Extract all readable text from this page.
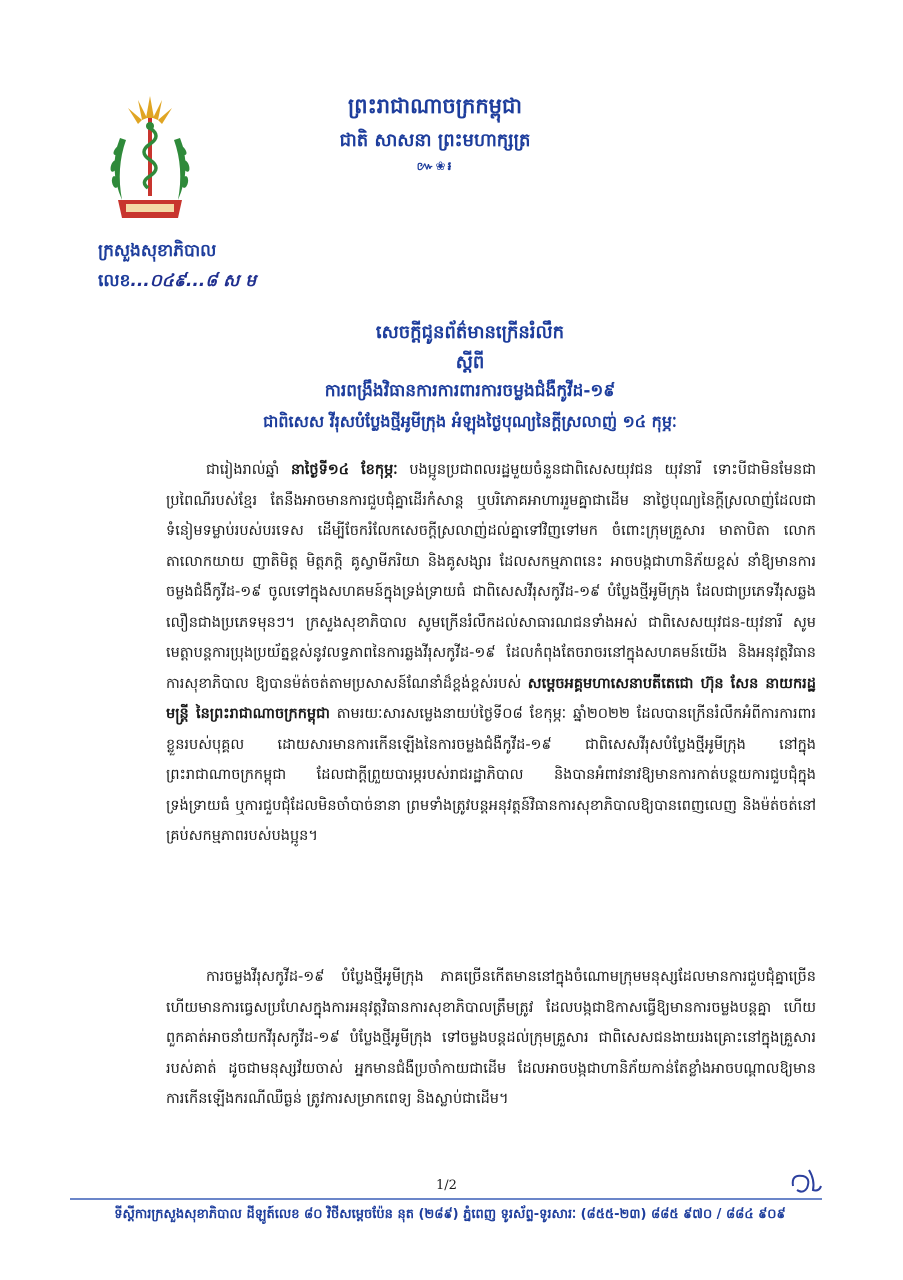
ក្រសួងសុខាភិបាល
លេខ...០៤៩...៨ ស ម
ព្រះរាជាណាចក្រកម្ពុជា
ជាតិ សាសនា ព្រះមហាក្សត្រ
៚❀៛
សេចក្តីជូនព័ត៌មានក្រើនរំលឹក
ស្តីពី
ការពង្រឹងវិធានការការពារការចម្លងជំងឺកូវីដ-១៩
ជាពិសេស វីរុសបំប្លែងថ្មីអូមីក្រុង អំឡុងថ្ងៃបុណ្យនៃក្តីស្រលាញ់ ១៤ កុម្ភៈ
ជារៀងរាល់ឆ្នាំ នាថ្ងៃទី១៤ ខែកុម្ភៈ បងប្អូនប្រជាពលរដ្ឋមួយចំនួនជាពិសេសយុវជន យុវនារី ទោះបីជាមិនមែនជាប្រពៃណីរបស់ខ្មែរ តែនឹងអាចមានការជួបជុំគ្នាដើរកំសាន្ត ឬបរិភោគអាហាររួមគ្នាជាដើម នាថ្ងៃបុណ្យនៃក្តីស្រលាញ់ដែលជាទំនៀមទម្លាប់របស់បរទេស ដើម្បីចែករំលែកសេចក្តីស្រលាញ់ដល់គ្នាទៅវិញទៅមក ចំពោះក្រុមគ្រួសារ មាតាបិតា លោកតាលោកយាយ ញាតិមិត្ត មិត្តភក្តិ គូស្វាមីភរិយា និងគូសង្សារ ដែលសកម្មភាពនេះ អាចបង្កជាហានិភ័យខ្ពស់ នាំឱ្យមានការចម្លងជំងឺកូវីដ-១៩ ចូលទៅក្នុងសហគមន៍ក្នុងទ្រង់ទ្រាយធំ ជាពិសេសវីរុសកូវីដ-១៩ បំប្លែងថ្មីអូមីក្រុង ដែលជាប្រភេទវីរុសឆ្លងលឿនជាងប្រភេទមុនៗ។ ក្រសួងសុខាភិបាល សូមក្រើនរំលឹកដល់សាធារណជនទាំងអស់ ជាពិសេសយុវជន-យុវនារី សូមមេត្តាបន្តការប្រុងប្រយ័ត្នខ្ពស់នូវលទ្ធភាពនៃការឆ្លងវីរុសកូវីដ-១៩ ដែលកំពុងតែចរាចរនៅក្នុងសហគមន៍យើង និងអនុវត្តវិធានការសុខាភិបាល ឱ្យបានម៉ត់ចត់តាមប្រសាសន៍ណែនាំដ៏ខ្ពង់ខ្ពស់របស់ សម្តេចអគ្គមហាសេនាបតីតេជោ ហ៊ុន សែន នាយករដ្ឋមន្ត្រី នៃព្រះរាជាណាចក្រកម្ពុជា តាមរយៈសារសម្លេងនាយប់ថ្ងៃទី០៨ ខែកុម្ភៈ ឆ្នាំ២០២២ ដែលបានក្រើនរំលឹកអំពីការការពារខ្លួនរបស់បុគ្គល ដោយសារមានការកើនឡើងនៃការចម្លងជំងឺកូវីដ-១៩ ជាពិសេសវីរុសបំប្លែងថ្មីអូមីក្រុង នៅក្នុងព្រះរាជាណាចក្រកម្ពុជា ដែលជាក្តីព្រួយបារម្ភរបស់រាជរដ្ឋាភិបាល និងបានអំពាវនាវឱ្យមានការកាត់បន្ថយការជួបជុំក្នុងទ្រង់ទ្រាយធំ ឬការជួបជុំដែលមិនចាំបាច់នានា ព្រមទាំងត្រូវបន្តអនុវត្តន៍វិធានការសុខាភិបាលឱ្យបានពេញលេញ និងម៉ត់ចត់នៅគ្រប់សកម្មភាពរបស់បងប្អូន។
ការចម្លងវីរុសកូវីដ-១៩ បំប្លែងថ្មីអូមីក្រុង ភាគច្រើនកើតមាននៅក្នុងចំណោមក្រុមមនុស្សដែលមានការជួបជុំគ្នាច្រើន ហើយមានការធ្វេសប្រហែសក្នុងការអនុវត្តវិធានការសុខាភិបាលត្រឹមត្រូវ ដែលបង្កជាឱកាសធ្វើឱ្យមានការចម្លងបន្តគ្នា ហើយពួកគាត់អាចនាំយកវីរុសកូវីដ-១៩ បំប្លែងថ្មីអូមីក្រុង ទៅចម្លងបន្តដល់ក្រុមគ្រួសារ ជាពិសេសជនងាយរងគ្រោះនៅក្នុងគ្រួសាររបស់គាត់ ដូចជាមនុស្សវ័យចាស់ អ្នកមានជំងឺប្រចាំកាយជាដើម ដែលអាចបង្កជាហានិភ័យកាន់តែខ្លាំងអាចបណ្តាលឱ្យមានការកើនឡើងករណីឈឺធ្ងន់ ត្រូវការសម្រាកពេទ្យ និងស្លាប់ជាដើម។
1/2
ទីស្តីការក្រសួងសុខាភិបាល ដីឡូត៍លេខ ៨០ វិថីសម្តេចប៉ែន នុត (២៨៩) ភ្នំពេញ ទូរស័ព្ទ-ទូរសារៈ (៨៥៥-២៣) ៨៨៥ ៩៧០ / ៨៨៤ ៩០៩
